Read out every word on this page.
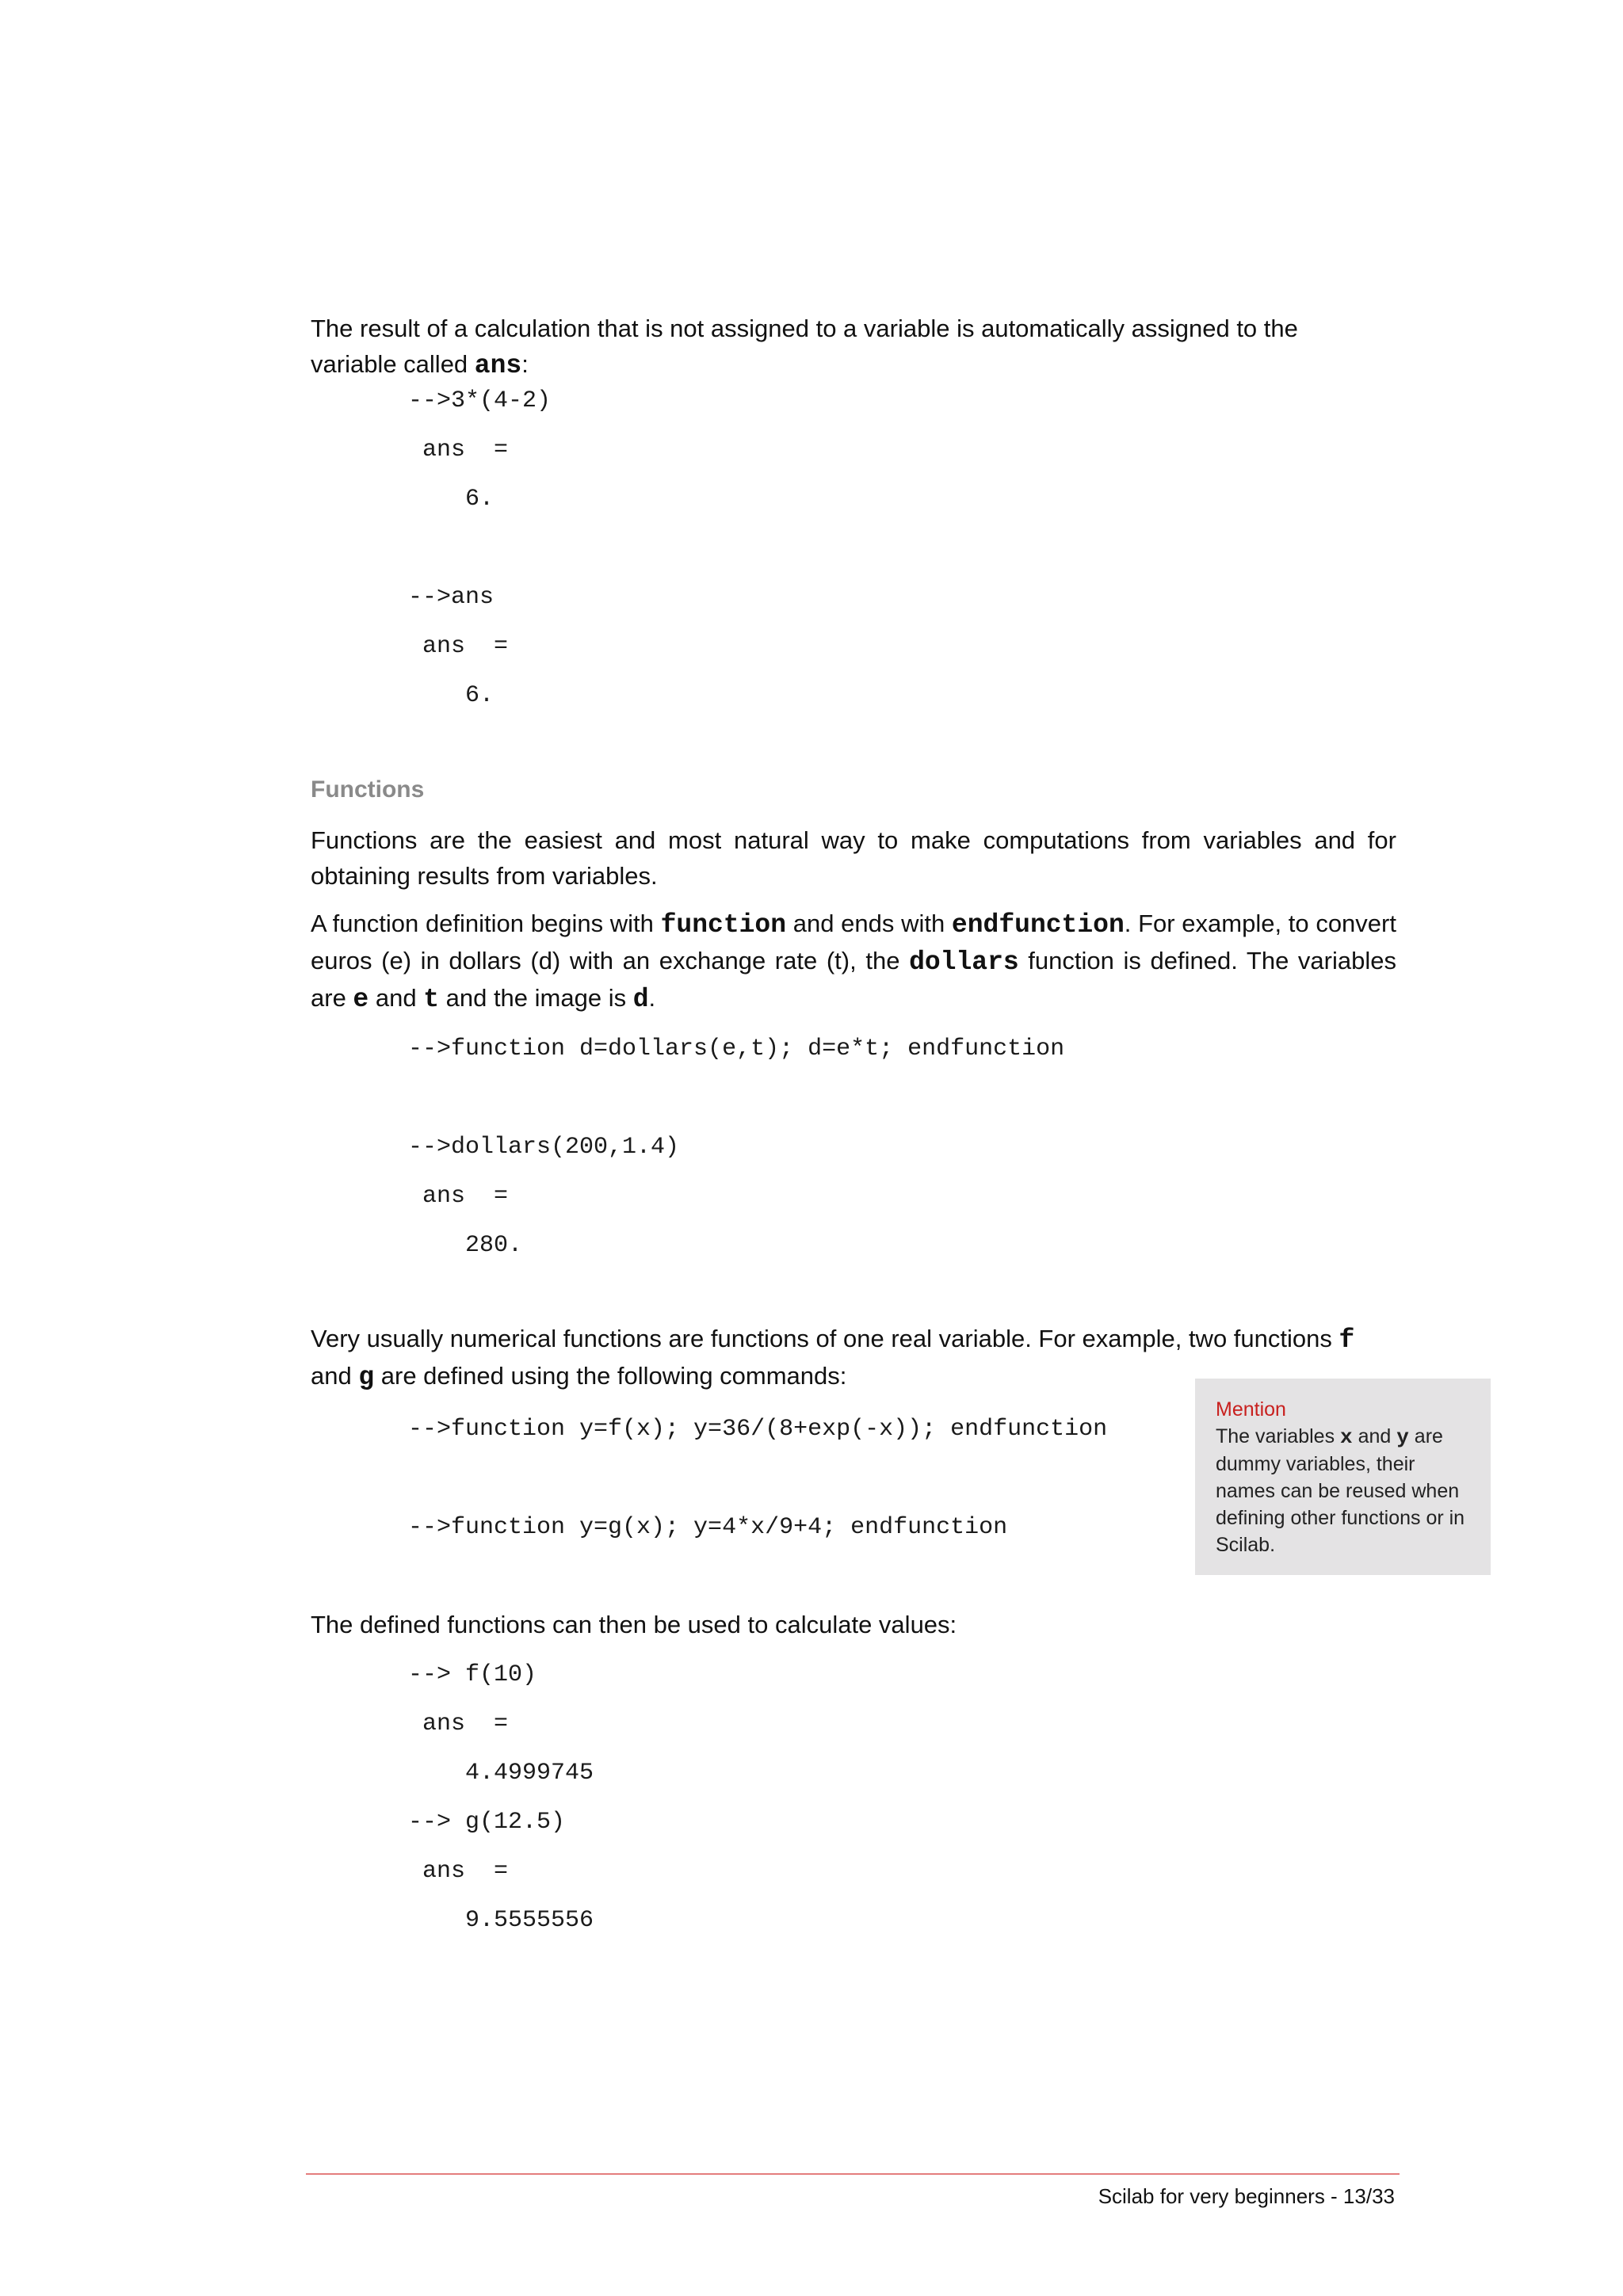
The result of a calculation that is not assigned to a variable is automatically assigned to the
variable called ans:

-->3*(4-2)
ans  =
6.
-->ans
ans  =
6.
Functions

Functions are the easiest and most natural way to make computations from variables and for obtaining results from variables.

A function definition begins with function and ends with endfunction. For example, to convert euros (e) in dollars (d) with an exchange rate (t), the dollars function is defined. The variables are e and t and the image is d.

-->function d=dollars(e,t); d=e*t; endfunction
-->dollars(200,1.4)
ans  =
280.

Very usually numerical functions are functions of one real variable. For example, two functions f and g are defined using the following commands:

-->function y=f(x); y=36/(8+exp(-x)); endfunction
-->function y=g(x); y=4*x/9+4; endfunction
Mention
The variables x and y are dummy variables, their names can be reused when defining other functions or in Scilab.

The defined functions can then be used to calculate values:

--> f(10)
ans  =
4.4999745
--> g(12.5)
ans  =
9.5555556
Scilab for very beginners - 13/33
